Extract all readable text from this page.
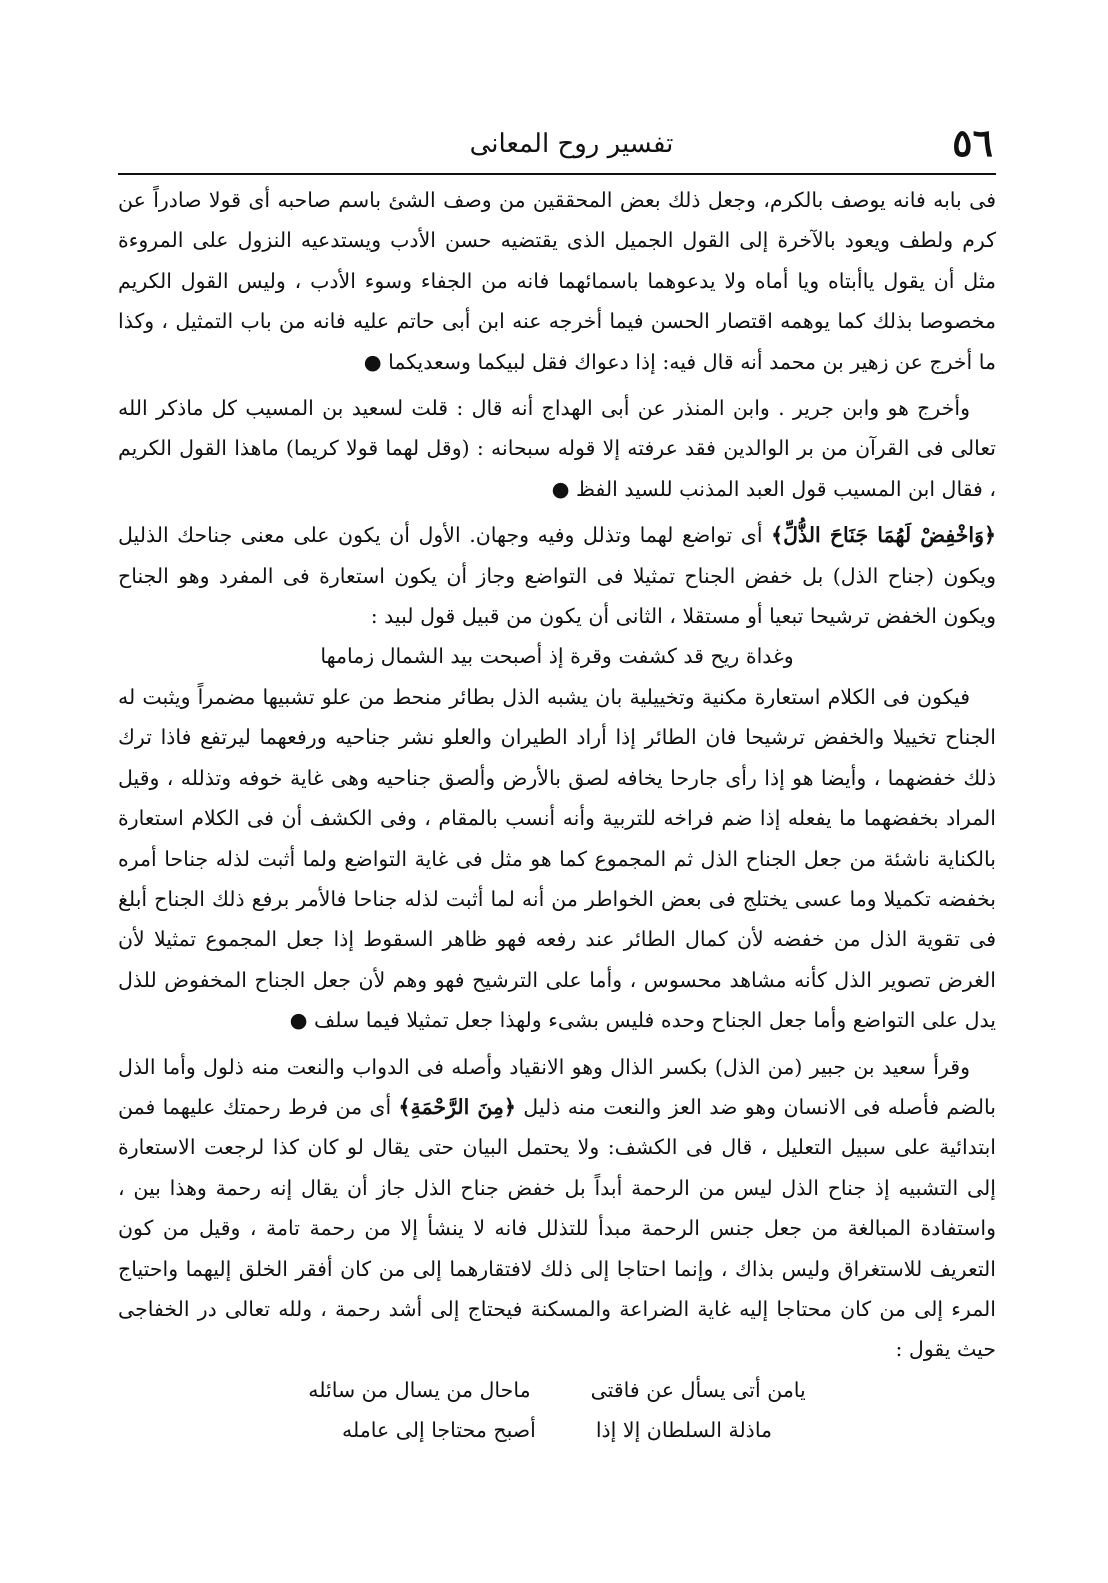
٥٦
تفسير روح المعانى

فى بابه فانه يوصف بالكرم، وجعل ذلك بعض المحققين من وصف الشئ باسم صاحبه أى قولا صادراً عن كرم ولطف ويعود بالآخرة إلى القول الجميل الذى يقتضيه حسن الأدب ويستدعيه النزول على المروءة مثل أن يقول ياأبتاه ويا أماه ولا يدعوهما باسمائهما فانه من الجفاء وسوء الأدب ، وليس القول الكريم مخصوصا بذلك كما يوهمه اقتصار الحسن فيما أخرجه عنه ابن أبى حاتم عليه فانه من باب التمثيل ، وكذا ما أخرج عن زهير بن محمد أنه قال فيه: إذا دعواك فقل لبيكما وسعديكما ●

وأخرج هو وابن جرير . وابن المنذر عن أبى الهداج أنه قال : قلت لسعيد بن المسيب كل ماذكر الله تعالى فى القرآن من بر الوالدين فقد عرفته إلا قوله سبحانه : (وقل لهما قولا كريما) ماهذا القول الكريم ، فقال ابن المسيب قول العبد المذنب للسيد الفظ ●

﴿وَاخْفِضْ لَهُمَا جَنَاحَ الذُّلِّ﴾ أى تواضع لهما وتذلل وفيه وجهان. الأول أن يكون على معنى جناحك الذليل ويكون (جناح الذل) بل خفض الجناح تمثيلا فى التواضع وجاز أن يكون استعارة فى المفرد وهو الجناح ويكون الخفض ترشيحا تبعيا أو مستقلا ، الثانى أن يكون من قبيل قول لبيد :

وغداة ريح قد كشفت وقرة إذ أصبحت بيد الشمال زمامها

فيكون فى الكلام استعارة مكنية وتخييلية بان يشبه الذل بطائر منحط من علو تشبيها مضمراً ويثبت له الجناح تخييلا والخفض ترشيحا فان الطائر إذا أراد الطيران والعلو نشر جناحيه ورفعهما ليرتفع فاذا ترك ذلك خفضهما ، وأيضا هو إذا رأى جارحا يخافه لصق بالأرض وألصق جناحيه وهى غاية خوفه وتذلله ، وقيل المراد بخفضهما ما يفعله إذا ضم فراخه للتربية وأنه أنسب بالمقام ، وفى الكشف أن فى الكلام استعارة بالكناية ناشئة من جعل الجناح الذل ثم المجموع كما هو مثل فى غاية التواضع ولما أثبت لذله جناحا أمره بخفضه تكميلا وما عسى يختلج فى بعض الخواطر من أنه لما أثبت لذله جناحا فالأمر برفع ذلك الجناح أبلغ فى تقوية الذل من خفضه لأن كمال الطائر عند رفعه فهو ظاهر السقوط إذا جعل المجموع تمثيلا لأن الغرض تصوير الذل كأنه مشاهد محسوس ، وأما على الترشيح فهو وهم لأن جعل الجناح المخفوض للذل يدل على التواضع وأما جعل الجناح وحده فليس بشىء ولهذا جعل تمثيلا فيما سلف ●

وقرأ سعيد بن جبير (من الذل) بكسر الذال وهو الانقياد وأصله فى الدواب والنعت منه ذلول وأما الذل بالضم فأصله فى الانسان وهو ضد العز والنعت منه ذليل ﴿مِنَ الرَّحْمَةِ﴾ أى من فرط رحمتك عليهما فمن ابتدائية على سبيل التعليل ، قال فى الكشف: ولا يحتمل البيان حتى يقال لو كان كذا لرجعت الاستعارة إلى التشبيه إذ جناح الذل ليس من الرحمة أبداً بل خفض جناح الذل جاز أن يقال إنه رحمة وهذا بين ، واستفادة المبالغة من جعل جنس الرحمة مبدأ للتذلل فانه لا ينشأ إلا من رحمة تامة ، وقيل من كون التعريف للاستغراق وليس بذاك ، وإنما احتاجا إلى ذلك لافتقارهما إلى من كان أفقر الخلق إليهما واحتياج المرء إلى من كان محتاجا إليه غاية الضراعة والمسكنة فيحتاج إلى أشد رحمة ، ولله تعالى در الخفاجى حيث يقول :

يامن أتى يسأل عن فاقتى
ماحال من يسال من سائله
ماذلة السلطان إلا إذا
أصبح محتاجا إلى عامله
